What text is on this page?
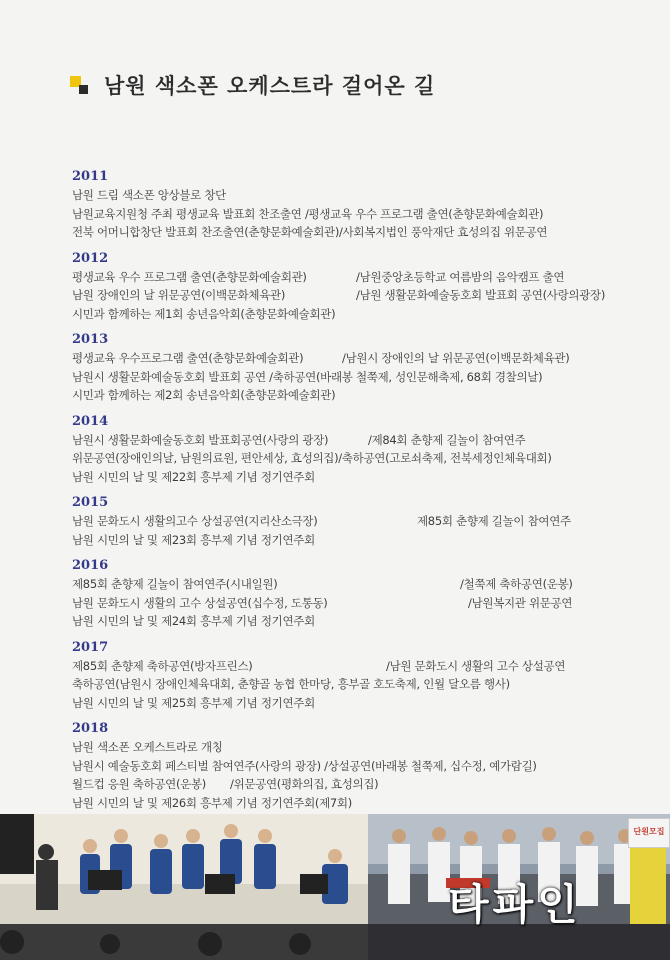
남원 색소폰 오케스트라 걸어온 길
2011
남원 드림 색소폰 앙상블로 창단
남원교육지원청 주최 평생교육 발표회 찬조출연 /평생교육 우수 프로그램 출연(춘향문화예술회관)
전북 어머니합창단 발표회 찬조출연(춘향문화예술회관)/사회복지법인 풍악재단 효성의집 위문공연
2012
평생교육 우수 프로그램 출연(춘향문화예술회관)	/남원중앙초등학교 여름밤의 음악캠프 출연
남원 장애인의 날 위문공연(이백문화체육관)	/남원 생활문화예술동호회 발표회 공연(사랑의광장)
시민과 함께하는 제1회 송년음악회(춘향문화예술회관)
2013
평생교육 우수프로그램 출연(춘향문화예술회관)	/남원시 장애인의 날 위문공연(이백문화체육관)
남원시 생활문화예술동호회 발표회 공연 /축하공연(바래봉 철쭉제, 성인문해축제, 68회 경찰의날)
시민과 함께하는 제2회 송년음악회(춘향문화예술회관)
2014
남원시 생활문화예술동호회 발표회공연(사랑의 광장)	/제84회 춘향제 길놀이 참여연주
위문공연(장애인의날, 남원의료원, 편안세상, 효성의집)/축하공연(고로쇠축제, 전북세정인체육대회)
남원 시민의 날 및 제22회 흥부제 기념 정기연주회
2015
남원 문화도시 생활의고수 상설공연(지리산소극장)	제85회 춘향제 길놀이 참여연주
남원 시민의 날 및 제23회 흥부제 기념 정기연주회
2016
제85회 춘향제 길놀이 참여연주(시내일원)	/철쭉제 축하공연(운봉)
남원 문화도시 생활의 고수 상설공연(십수정, 도통동)	/남원복지관 위문공연
남원 시민의 날 및 제24회 흥부제 기념 정기연주회
2017
제85회 춘향제 축하공연(방자프린스)	/남원 문화도시 생활의 고수 상설공연
축하공연(남원시 장애인체육대회, 춘향골 농협 한마당, 흥부골 호도축제, 인월 달오름 행사)
남원 시민의 날 및 제25회 흥부제 기념 정기연주회
2018
남원 색소폰 오케스트라로 개칭
남원시 예술동호회 페스티벌 참여연주(사랑의 광장) /상설공연(바래봉 철쭉제, 십수정, 예가람길)
월드컵 응원 축하공연(운봉)	/위문공연(평화의집, 효성의집)
남원 시민의 날 및 제26회 흥부제 기념 정기연주회(제7회)
단원모집
타파인
